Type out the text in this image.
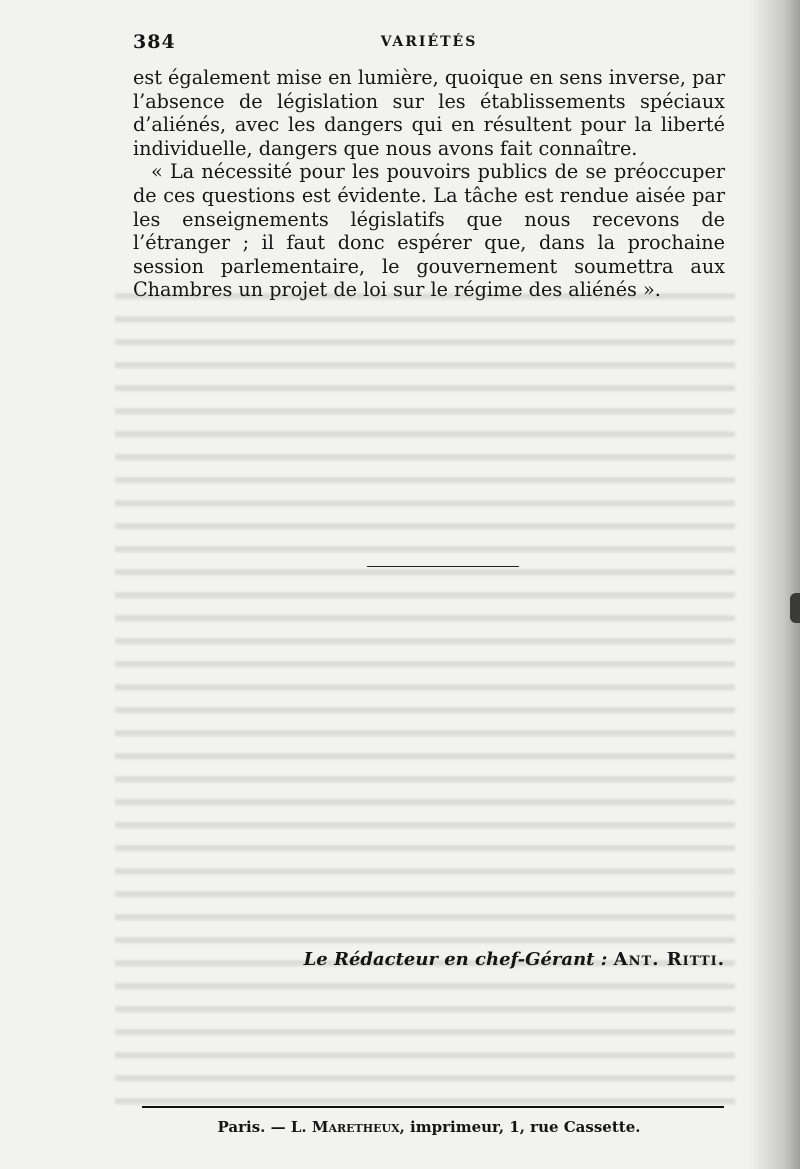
384	VARIÉTÉS

est également mise en lumière, quoique en sens inverse, par l’absence de législation sur les établissements spéciaux d’aliénés, avec les dangers qui en résultent pour la liberté individuelle, dangers que nous avons fait connaître.

« La nécessité pour les pouvoirs publics de se préoccuper de ces questions est évidente. La tâche est rendue aisée par les enseignements législatifs que nous recevons de l’étranger ; il faut donc espérer que, dans la prochaine session parlementaire, le gouvernement soumettra aux Chambres un projet de loi sur le régime des aliénés ».

Le Rédacteur en chef-Gérant : Ant. Ritti.
Paris. — L. Maretheux, imprimeur, 1, rue Cassette.
